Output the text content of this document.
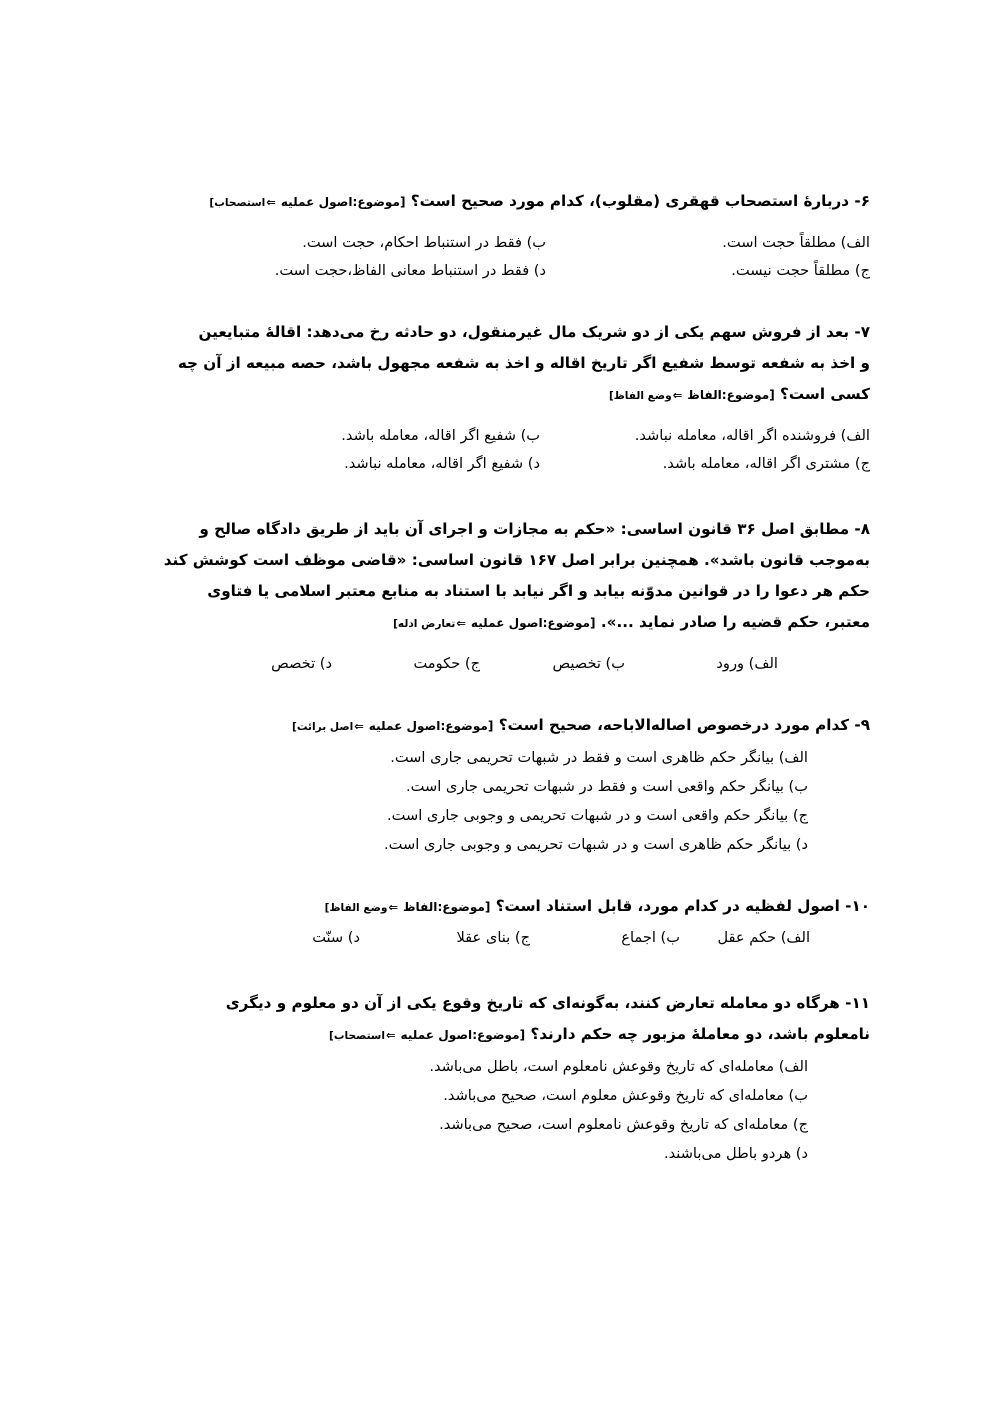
۶- دربارهٔ استصحاب قهقری (مقلوب)، کدام مورد صحیح است؟ [موضوع:اصول عملیه ⇐استصحاب]
الف) مطلقاً حجت است.
ب) فقط در استنباط احکام، حجت است.
ج) مطلقاً حجت نیست.
د) فقط در استنباط معانی الفاظ،حجت است.
۷- بعد از فروش سهم یکی از دو شریک مال غیرمنقول، دو حادثه رخ می‌دهد: اقالهٔ متبایعین
و اخذ به شفعه توسط شفیع اگر تاریخ اقاله و اخذ به شفعه مجهول باشد، حصه مبیعه از آن چه
کسی است؟ [موضوع:الفاظ ⇐وضع الفاظ]
الف) فروشنده اگر اقاله، معامله نباشد.
ب) شفیع اگر اقاله، معامله باشد.
ج) مشتری اگر اقاله، معامله باشد.
د) شفیع اگر اقاله، معامله نباشد.
۸- مطابق اصل ۳۶ قانون اساسی: «حکم به مجازات و اجرای آن باید از طریق دادگاه صالح و
به‌موجب قانون باشد». همچنین برابر اصل ۱۶۷ قانون اساسی: «قاضی موظف است کوشش کند
حکم هر دعوا را در قوانین مدوّنه بیابد و اگر نیابد با استناد به منابع معتبر اسلامی یا فتاوی
معتبر، حکم قضیه را صادر نماید ...». [موضوع:اصول عملیه ⇐تعارض ادله]
الف) ورود
ب) تخصیص
ج) حکومت
د) تخصص
۹- کدام مورد درخصوص اصاله‌الاباحه، صحیح است؟ [موضوع:اصول عملیه ⇐اصل برائت]
الف) بیانگر حکم ظاهری است و فقط در شبهات تحریمی جاری است.
ب) بیانگر حکم واقعی است و فقط در شبهات تحریمی جاری است.
ج) بیانگر حکم واقعی است و در شبهات تحریمی و وجوبی جاری است.
د) بیانگر حکم ظاهری است و در شبهات تحریمی و وجوبی جاری است.
۱۰- اصول لفظیه در کدام مورد، قابل استناد است؟ [موضوع:الفاظ ⇐وضع الفاظ]
الف) حکم عقل
ب) اجماع
ج) بنای عقلا
د) سنّت
۱۱- هرگاه دو معامله تعارض کنند، به‌گونه‌ای که تاریخ وقوع یکی از آن دو معلوم و دیگری
نامعلوم باشد، دو معاملهٔ مزبور چه حکم دارند؟ [موضوع:اصول عملیه ⇐استصحاب]
الف) معامله‌ای که تاریخ وقوعش نامعلوم است، باطل می‌باشد.
ب) معامله‌ای که تاریخ وقوعش معلوم است، صحیح می‌باشد.
ج) معامله‌ای که تاریخ وقوعش نامعلوم است، صحیح می‌باشد.
د) هردو باطل می‌باشند.
